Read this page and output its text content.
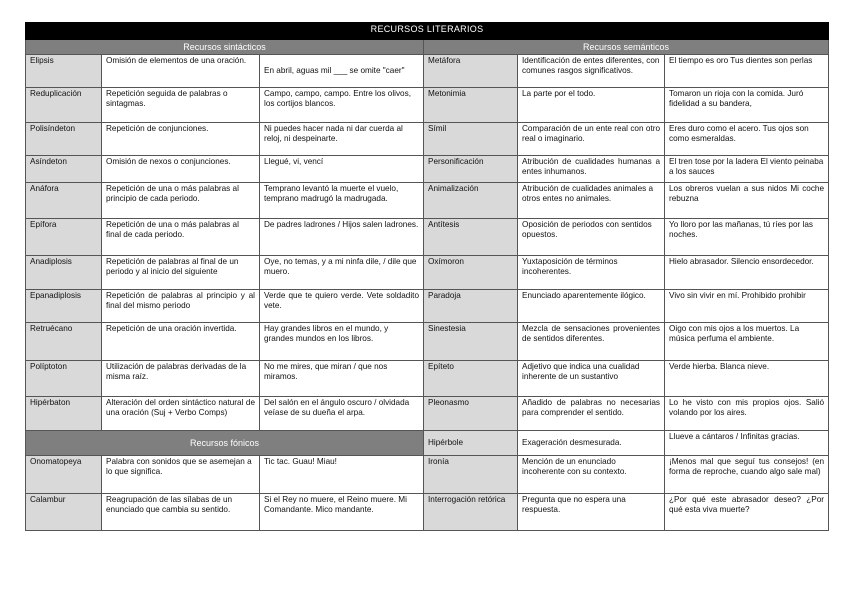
RECURSOS LITERARIOS					
Recursos sintácticos			Recursos semánticos		
Elipsis	Omisión de elementos de una oración.	En abril, aguas mil ___ se omite "caer"	Metáfora	Identificación de entes diferentes, con comunes rasgos significativos.	El tiempo es oro Tus dientes son perlas
Reduplicación	Repetición seguida de palabras o sintagmas.	Campo, campo, campo. Entre los olivos, los cortijos blancos.	Metonimia	La parte por el todo.	Tomaron un rioja con la comida. Juró fidelidad a su bandera,
Polisíndeton	Repetición de conjunciones.	Ni puedes hacer nada ni dar cuerda al reloj, ni despeinarte.	Símil	Comparación de un ente real con otro real o imaginario.	Eres duro como el acero. Tus ojos son como esmeraldas.
Asíndeton	Omisión de nexos o conjunciones.	Llegué, vi, vencí	Personificación	Atribución de cualidades humanas a entes inhumanos.	El tren tose por la ladera El viento peinaba a los sauces
Anáfora	Repetición de una o más palabras al principio de cada periodo.	Temprano levantó la muerte el vuelo, temprano madrugó la madrugada.	Animalización	Atribución de cualidades animales a otros entes no animales.	Los obreros vuelan a sus nidos Mi coche rebuzna
Epífora	Repetición de una o más palabras al final de cada periodo.	De padres ladrones / Hijos salen ladrones.	Antítesis	Oposición de periodos con sentidos opuestos.	Yo lloro por las mañanas, tú ríes por las noches.
Anadiplosis	Repetición de palabras al final de un periodo y al inicio del siguiente	Oye, no temas, y a mi ninfa dile, / dile que muero.	Oxímoron	Yuxtaposición de términos incoherentes.	Hielo abrasador. Silencio ensordecedor.
Epanadiplosis	Repetición de palabras al principio y al final del mismo periodo	Verde que te quiero verde. Vete soldadito vete.	Paradoja	Enunciado aparentemente ilógico.	Vivo sin vivir en mí. Prohibido prohibir
Retruécano	Repetición de una oración invertida.	Hay grandes libros en el mundo, y grandes mundos en los libros.	Sinestesia	Mezcla de sensaciones provenientes de sentidos diferentes.	Oigo con mis ojos a los muertos. La música perfuma el ambiente.
Políptoton	Utilización de palabras derivadas de la misma raíz.	No me mires, que miran / que nos miramos.	Epíteto	Adjetivo que indica una cualidad inherente de un sustantivo	Verde hierba. Blanca nieve.
Hipérbaton	Alteración del orden sintáctico natural de una oración (Suj + Verbo Comps)	Del salón en el ángulo oscuro / olvidada veíase de su dueña el arpa.	Pleonasmo	Añadido de palabras no necesarias para comprender el sentido.	Lo he visto con mis propios ojos. Salió volando por los aires.
Recursos fónicos			Hipérbole	Exageración desmesurada.	Llueve a cántaros / Infinitas gracias.
Onomatopeya	Palabra con sonidos que se asemejan a lo que significa.	Tic tac. Guau! Miau!	Ironía	Mención de un enunciado incoherente con su contexto.	¡Menos mal que seguí tus consejos! (en forma de reproche, cuando algo sale mal)
Calambur	Reagrupación de las sílabas de un enunciado que cambia su sentido.	Si el Rey no muere, el Reino muere. Mi Comandante. Mico mandante.	Interrogación retórica	Pregunta que no espera una respuesta.	¿Por qué este abrasador deseo? ¿Por qué esta viva muerte?
